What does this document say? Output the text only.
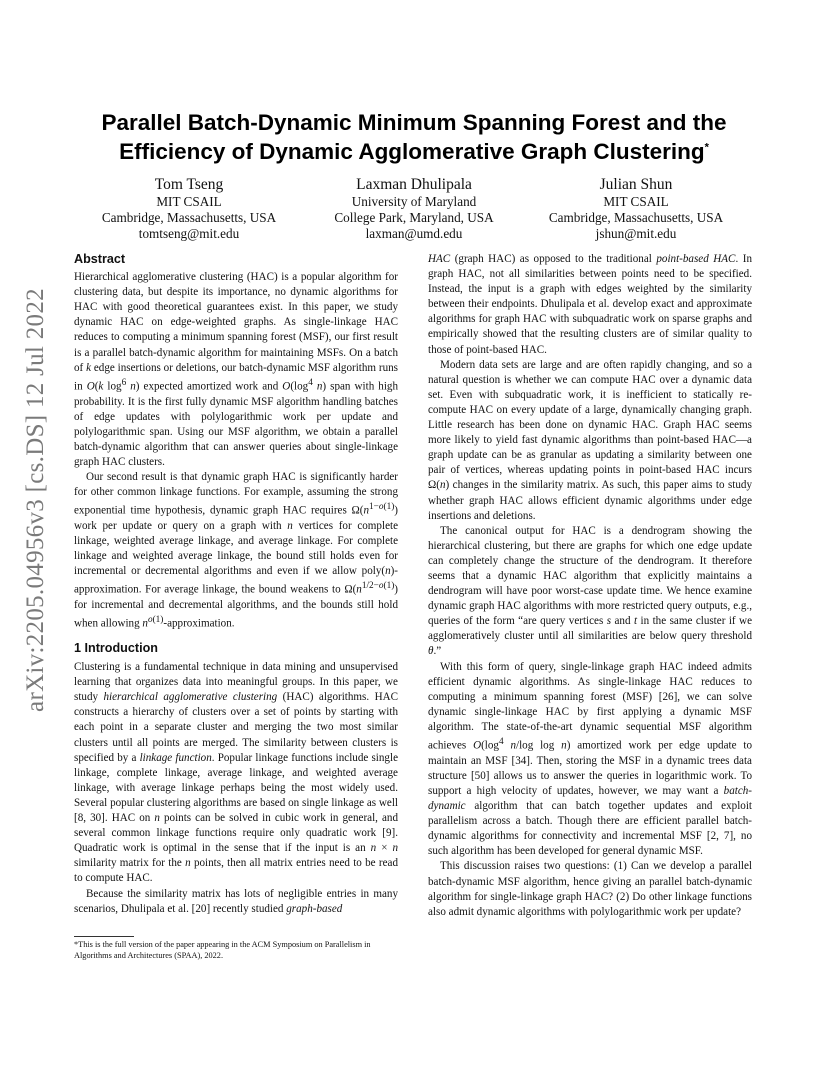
arXiv:2205.04956v3 [cs.DS] 12 Jul 2022
Parallel Batch-Dynamic Minimum Spanning Forest and the
Efficiency of Dynamic Agglomerative Graph Clustering*
Tom Tseng
MIT CSAIL
Cambridge, Massachusetts, USA
tomtseng@mit.edu
Laxman Dhulipala
University of Maryland
College Park, Maryland, USA
laxman@umd.edu
Julian Shun
MIT CSAIL
Cambridge, Massachusetts, USA
jshun@mit.edu
Abstract

Hierarchical agglomerative clustering (HAC) is a popular algorithm for clustering data, but despite its importance, no dynamic algorithms for HAC with good theoretical guarantees exist. In this paper, we study dynamic HAC on edge-weighted graphs. As single-linkage HAC reduces to computing a minimum spanning forest (MSF), our first result is a parallel batch-dynamic algorithm for maintaining MSFs. On a batch of k edge insertions or deletions, our batch-dynamic MSF algorithm runs in O(k $\log^6 n$) expected amortized work and $O(\log^4$ n) span with high probability. It is the first fully dynamic MSF algorithm handling batches of edge updates with polylogarithmic work per update and polylogarithmic span. Using our MSF algorithm, we obtain a parallel batch-dynamic algorithm that can answer queries about single-linkage graph HAC clusters.

Our second result is that dynamic graph HAC is significantly harder for other common linkage functions. For example, assuming the strong exponential time hypothesis, dynamic graph HAC requires $\Omega(n^{1-o(1)})$ work per update or query on a graph with n vertices for complete linkage, weighted average linkage, and average linkage. For complete linkage and weighted average linkage, the bound still holds even for incremental or decremental algorithms and even if we allow poly(n)-approximation. For average linkage, the bound weakens to $\Omega(n^{1/2-o(1)})$ for incremental and decremental algorithms, and the bounds still hold when allowing $n^{o(1)}$-approximation.

1 Introduction

Clustering is a fundamental technique in data mining and unsupervised learning that organizes data into meaningful groups. In this paper, we study hierarchical agglomerative clustering (HAC) algorithms. HAC constructs a hierarchy of clusters over a set of points by starting with each point in a separate cluster and merging the two most similar clusters until all points are merged. The similarity between clusters is specified by a linkage function. Popular linkage functions include single linkage, complete linkage, average linkage, and weighted average linkage, with average linkage perhaps being the most widely used. Several popular clustering algorithms are based on single linkage as well [8, 30]. HAC on n points can be solved in cubic work in general, and several common linkage functions require only quadratic work [9]. Quadratic work is optimal in the sense that if the input is an n × n similarity matrix for the n points, then all matrix entries need to be read to compute HAC.

Because the similarity matrix has lots of negligible entries in many scenarios, Dhulipala et al. [20] recently studied graph-based

HAC (graph HAC) as opposed to the traditional point-based HAC. In graph HAC, not all similarities between points need to be specified. Instead, the input is a graph with edges weighted by the similarity between their endpoints. Dhulipala et al. develop exact and approximate algorithms for graph HAC with subquadratic work on sparse graphs and empirically showed that the resulting clusters are of similar quality to those of point-based HAC.

Modern data sets are large and are often rapidly changing, and so a natural question is whether we can compute HAC over a dynamic data set. Even with subquadratic work, it is inefficient to statically re-compute HAC on every update of a large, dynamically changing graph. Little research has been done on dynamic HAC. Graph HAC seems more likely to yield fast dynamic algorithms than point-based HAC—a graph update can be as granular as updating a similarity between one pair of vertices, whereas updating points in point-based HAC incurs Ω(n) changes in the similarity matrix. As such, this paper aims to study whether graph HAC allows efficient dynamic algorithms under edge insertions and deletions.

The canonical output for HAC is a dendrogram showing the hierarchical clustering, but there are graphs for which one edge update can completely change the structure of the dendrogram. It therefore seems that a dynamic HAC algorithm that explicitly maintains a dendrogram will have poor worst-case update time. We hence examine dynamic graph HAC algorithms with more restricted query outputs, e.g., queries of the form “are query vertices s and t in the same cluster if we agglomeratively cluster until all similarities are below query threshold θ.”

With this form of query, single-linkage graph HAC indeed admits efficient dynamic algorithms. As single-linkage HAC reduces to computing a minimum spanning forest (MSF) [26], we can solve dynamic single-linkage HAC by first applying a dynamic MSF algorithm. The state-of-the-art dynamic sequential MSF algorithm achieves $O(\log^4$ n/log log n) amortized work per edge update to maintain an MSF [34]. Then, storing the MSF in a dynamic trees data structure [50] allows us to answer the queries in logarithmic work. To support a high velocity of updates, however, we may want a batch-dynamic algorithm that can batch together updates and exploit parallelism across a batch. Though there are efficient parallel batch-dynamic algorithms for connectivity and incremental MSF [2, 7], no such algorithm has been developed for general dynamic MSF.

This discussion raises two questions: (1) Can we develop a parallel batch-dynamic MSF algorithm, hence giving an parallel batch-dynamic algorithm for single-linkage graph HAC? (2) Do other linkage functions also admit dynamic algorithms with polylogarithmic work per update?

*This is the full version of the paper appearing in the ACM Symposium on Parallelism in Algorithms and Architectures (SPAA), 2022.
